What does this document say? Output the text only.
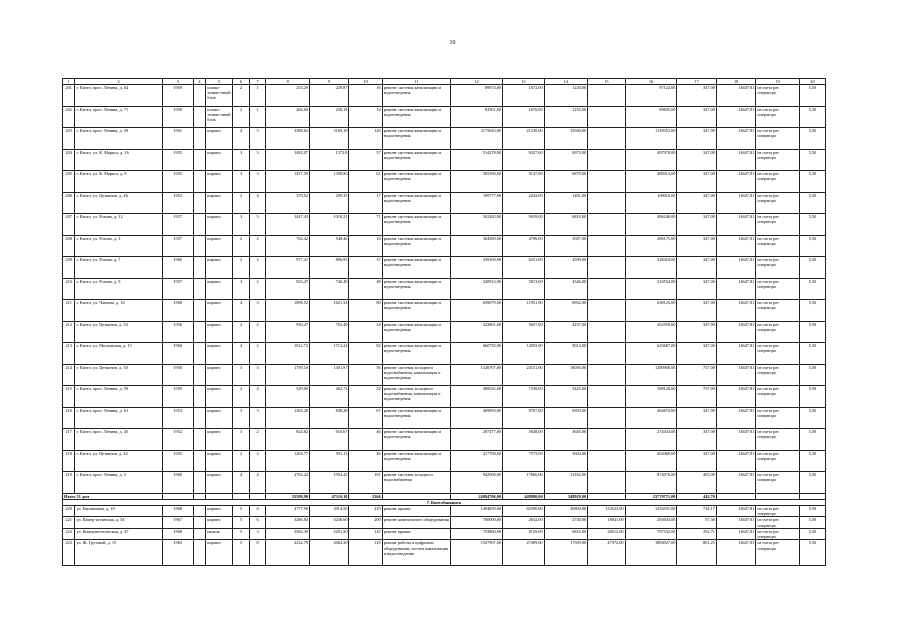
10
1	2	3	4	5	6	7	8	9	10	11	12	13	14	15	16	17	18	19	20
201	г. Кизел, прсп. Ленина, д. 64	1959		шлако-заливо-чный блок	2	1	253,29	229,87	16	ремонт системы канализации и водоотведения	89974,00	1672,00	1220,00		87122,00	347,00	14647,81	из счета рег. оператора	5,50
202	г. Кизел, прсп. Ленина, д. 71	1958		шлако-заливо-чный блок	2	1	266,69	238,19	14	ремонт системы канализации и водоотведения	92561,00	1676,00	1255,00		89695,00	347,00	14647,81	из счета рег. оператора	5,50
203	г. Кизел, прсп. Ленина, д. 59	1961		кирпич	4	5	3388,62	3169,18	120	ремонт системы канализации и водоотведения	1175643,00	21230,00	15940,00		1138353,00	347,00	14647,81	из счета рег. оператора	5,50
204	г. Кизел, ул. К. Маркса, д. 16	1955		кирпич	3	3	1482,07	1372,8	57	ремонт системы канализации и водоотведения	514278,00	9327,00	6973,00		497978,00	347,00	14647,81	из счета рег. оператора	5,50
205	г. Кизел, ул. К. Маркса, д. 8	1955		кирпич	3	3	1457,59	1398,86	61	ремонт системы канализации и водоотведения	505396,00	9147,00	6879,00		488413,00	347,00	14647,81	из счета рег. оператора	5,50
206	г. Кизел, ул. Цеткинов, д. 46	1952		кирпич	2	4	379,52	299,35	17	ремонт системы канализации и водоотведения	109777,00	2242,00	1491,00		108010,00	347,00	14647,81	из счета рег. оператора	5,50
207	г. Кизел, ул. Розина, д. 12	1957		кирпич	3	5	1447,43	1018,21	71	ремонт системы канализации и водоотведения	502265,00	9039,00	6810,00		486246,00	347,00	14647,81	из счета рег. оператора	5,50
208	г. Кизел, ул. Розина, д. 3	1957		кирпич	2	2	762,42	548,46	16	ремонт системы канализации и водоотведения	304569,00	4796,00	3587,00		286175,00	347,00	14647,81	из счета рег. оператора	5,50
209	г. Кизел, ул. Розина, д. 7	1960		кирпич	2	2	977,41	896,95	37	ремонт системы канализации и водоотведения	339169,00	6251,00	4599,00		328410,00	347,00	14647,81	из счета рег. оператора	5,50
210	г. Кизел, ул. Розина, д. 9	1957		кирпич	3	2	923,47	740,49	48	ремонт системы канализации и водоотведения	320913,00	5813,00	4346,00		310534,00	347,00	14647,81	из счета рег. оператора	5,50
211	г. Кизел, ул. Чапаева, д. 16	1960		кирпич	4	3	1898,52	1621,34	80	ремонт системы канализации и водоотведения	659079,00	11951,00	8932,00		638123,00	347,00	14647,81	из счета рег. оператора	5,50
212	г. Кизел, ул. Цеткинов, д. 54	1956		кирпич	2	2	930,47	763,49	34	ремонт системы канализации и водоотведения	322861,00	5657,00	4237,00		302559,00	347,00	14647,81	из счета рег. оператора	5,50
213	г. Кизел, ул. Московская, д. 15	1960		кирпич	4	2	1912,72	1713,24	82	ремонт системы канализации и водоотведения	660755,00	12055,00	9013,00		643687,00	347,00	14647,81	из счета рег. оператора	5,50
214	г. Кизел, ул. Цеткинов, д. 50	1958		кирпич	3	3	1759,18	1301,97	56	ремонт системы холодного водоснабжения, канализации и водоотведения	1326707,00	24151,00	18056,00		1280900,00	757,00	14647,81	из счета рег. оператора	5,50
215	г. Кизел, прсп. Ленина, д. 59	1959		кирпич	2	4	529,90	462,73	32	ремонт системы холодного водоснабжения, канализации и водоотведения	400032,00	7238,00	5425,00		388128,00	757,00	14647,81	из счета рег. оператора	5,50
216	г. Кизел, прсп. Ленина, д. 61	1953		кирпич	3	3	1363,28	838,28	67	ремонт системы канализации и водоотведения	469093,00	8707,00	6593,00		464670,00	347,00	14647,81	из счета рег. оператора	5,50
217	г. Кизел, прсп. Ленина, д. 45	1952		кирпич	3	2	824,82	616,67	46	ремонт системы канализации и водоотведения	287477,00	5048,00	3645,00		274434,00	347,00	14647,81	из счета рег. оператора	5,50
218	г. Кизел, ул. Цеткинов, д. 42	1955		кирпич	2	2	1203,77	591,13	46	ремонт системы канализации и водоотведения	417708,00	7575,00	5604,00		404469,00	347,00	14647,81	из счета рег. оператора	5,50
219	г. Кизел, прсп. Ленина, д. 5	1960		кирпич	4	4	2702,24	1954,42	101	ремонт системы холодного водоснабжения	942906,00	17666,00	13162,00		874076,00	403,00	14647,81	из счета рег. оператора	5,50
Итого 51 дом							55599,90	47110,10	2366		24094706,00	448980,00	348929,00		23779771,00	442,70			
7. Кизелбанкинск																			
220	ул. Баумановая, д. 18	1968		кирпич	5	6	4777,90	3914,50	219	ремонт крыши	1494850,00	82580,00	20800,80	133523,00	1256531,00	734,17	14647,81	из счета рег. оператора	5,50
221	ул. Камер-истянская, д. 54	1967		кирпич	5	6	3286,84	3236,60	200	ремонт капитального оборудования	700000,00	2632,00	2730,00	18041,00	283043,00	57,36	14647,81	из счета рег. оператора	5,50
222	ул. Коммунистическая, д. 47	1968		панель	5	3	2563,30	2201,50	145	ремонт крыши	753800,00	8159,00	6816,00	28512,00	707532,00	292,71	14647,81	из счета рег. оператора	5,50
223	ул. Ж. Грузовой, д. 15	1963		кирпич	5	8	2232,79	2064,30	129	ремонт работы в цифровом оборудовании, систем канализации и водоотведения	1927907,00	27499,00	17509,00	47972,00	1884927,00	861,25	14647,81	из счета рег. оператора	5,50
